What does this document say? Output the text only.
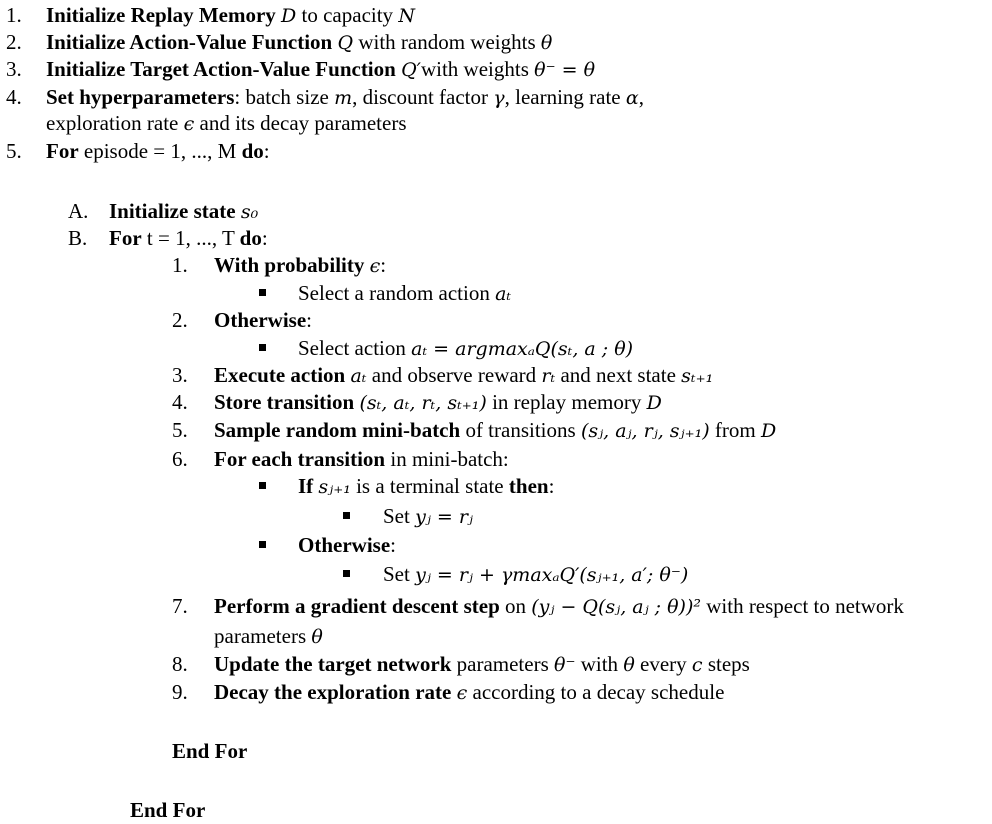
1. Initialize Replay Memory D to capacity N
2. Initialize Action-Value Function Q with random weights θ
3. Initialize Target Action-Value Function Q′with weights θ⁻ = θ
4. Set hyperparameters: batch size m, discount factor γ, learning rate α,
exploration rate ϵ and its decay parameters
5. For episode = 1, ..., M do:
A. Initialize state s₀
B. For t = 1, ..., T do:
1. With probability ϵ:
Select a random action aₜ
2. Otherwise:
Select action aₜ = argmaxₐQ(sₜ, a ; θ)
3. Execute action aₜ and observe reward rₜ and next state sₜ₊₁
4. Store transition (sₜ, aₜ, rₜ, sₜ₊₁) in replay memory D
5. Sample random mini-batch of transitions (sⱼ, aⱼ, rⱼ, sⱼ₊₁) from D
6. For each transition in mini-batch:
If sⱼ₊₁ is a terminal state then:
Set yⱼ = rⱼ
Otherwise:
Set yⱼ = rⱼ + γmaxₐQ′(sⱼ₊₁, a′; θ⁻)
7. Perform a gradient descent step on (yⱼ − Q(sⱼ, aⱼ ; θ))² with respect to network
parameters θ
8. Update the target network parameters θ⁻ with θ every c steps
9. Decay the exploration rate ϵ according to a decay schedule
End For
End For
